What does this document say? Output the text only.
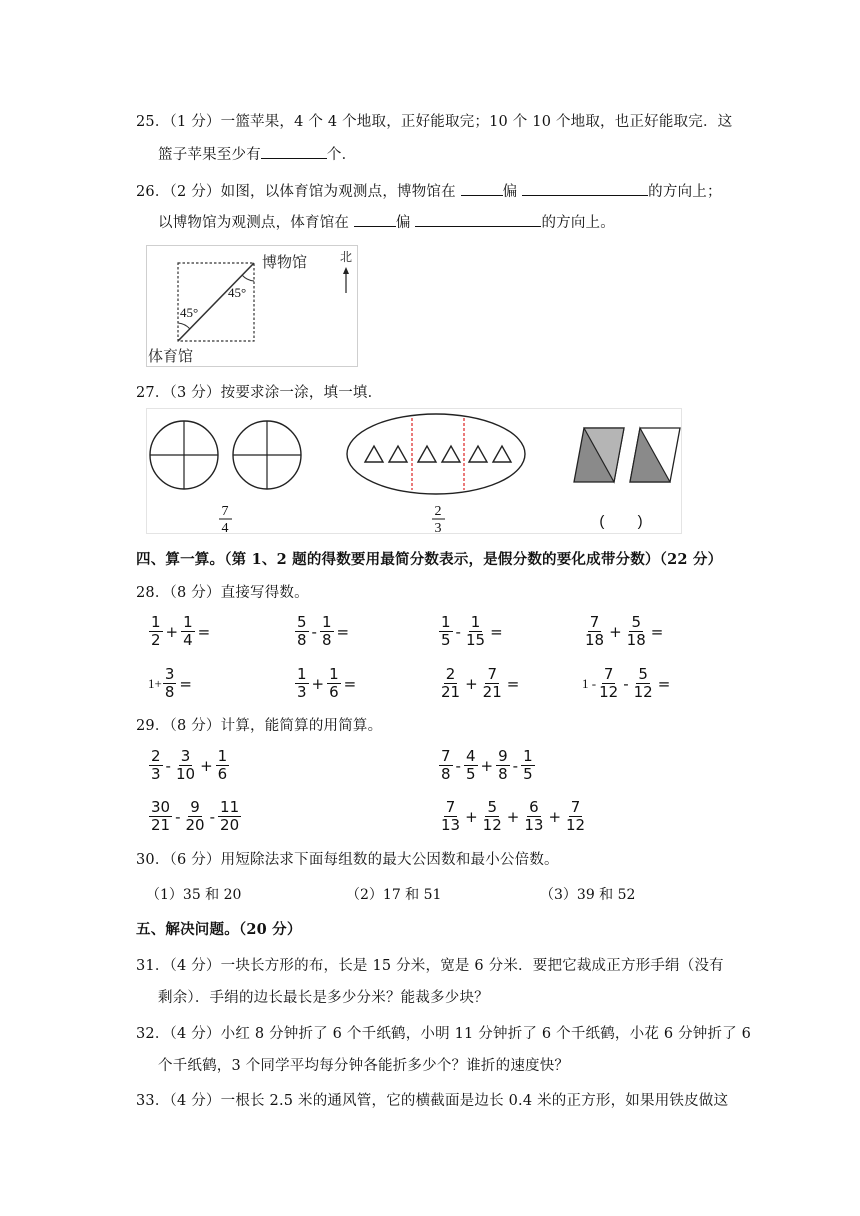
25．（1 分）一篮苹果，4 个 4 个地取，正好能取完；10 个 10 个地取，也正好能取完．这
篮子苹果至少有	个．
26．（2 分）如图，以体育馆为观测点，博物馆在	偏	的方向上；
以博物馆为观测点，体育馆在	偏	的方向上。
45°
45°
博物馆
体育馆
北
27．（3 分）按要求涂一涂，填一填．
7
4
2
3	(        )
四、算一算。（第 1、2 题的得数要用最简分数表示，是假分数的要化成带分数）（22 分）
28．（8 分）直接写得数。
$\frac{1}{2} + \frac{1}{4}$ =	$\frac{5}{8} - \frac{1}{8}$ =	$\frac{1}{5} - \frac{1}{15}$ =	$\frac{7}{18} + \frac{5}{18}$ =
$1+ \frac{3}{8}$ =	$\frac{1}{3} + \frac{1}{6}$ =	$\frac{2}{21} + \frac{7}{21}$ =	$1 - \frac{7}{12} - \frac{5}{12}$ =
29．（8 分）计算，能简算的用简算。
$\frac{2}{3} - \frac{3}{10} + \frac{1}{6}$	$\frac{7}{8} - \frac{4}{5} + \frac{9}{8} - \frac{1}{5}$
$\frac{30}{21} - \frac{9}{20} - \frac{11}{20}$	$\frac{7}{13} + \frac{5}{12} + \frac{6}{13} + \frac{7}{12}$
30．（6 分）用短除法求下面每组数的最大公因数和最小公倍数。
（1）35 和 20	（2）17 和 51	（3）39 和 52
五、解决问题。（20 分）
31．（4 分）一块长方形的布，长是 15 分米，宽是 6 分米．要把它裁成正方形手绢（没有
剩余）．手绢的边长最长是多少分米？能裁多少块？
32．（4 分）小红 8 分钟折了 6 个千纸鹤，小明 11 分钟折了 6 个千纸鹤，小花 6 分钟折了 6
个千纸鹤，3 个同学平均每分钟各能折多少个？谁折的速度快？
33．（4 分）一根长 2.5 米的通风管，它的横截面是边长 0.4 米的正方形，如果用铁皮做这
